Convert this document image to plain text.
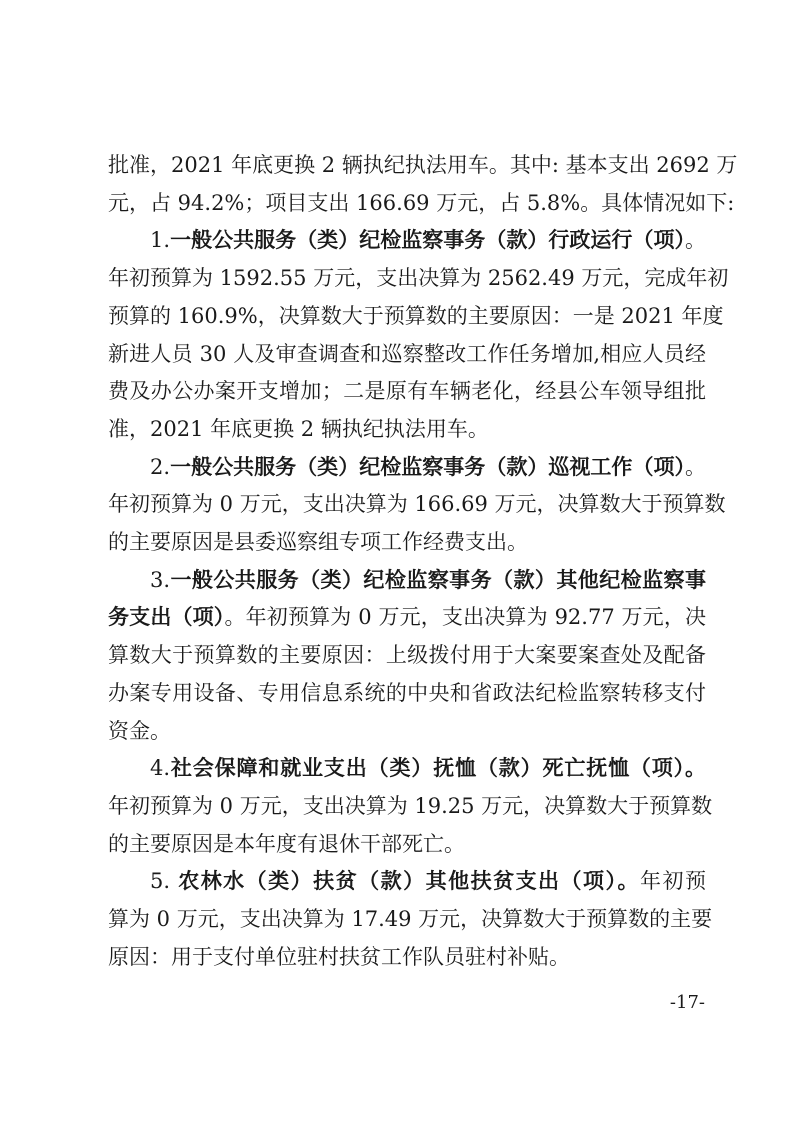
批准，2021 年底更换 2 辆执纪执法用车。其中: 基本支出 2692 万
元，占 94.2%；项目支出 166.69 万元，占 5.8%。具体情况如下:
1.一般公共服务（类）纪检监察事务（款）行政运行（项）。
年初预算为 1592.55 万元，支出决算为 2562.49 万元，完成年初
预算的 160.9%，决算数大于预算数的主要原因：一是 2021 年度
新进人员 30 人及审查调查和巡察整改工作任务增加,相应人员经
费及办公办案开支增加；二是原有车辆老化，经县公车领导组批
准，2021 年底更换 2 辆执纪执法用车。
2.一般公共服务（类）纪检监察事务（款）巡视工作（项）。
年初预算为 0 万元，支出决算为 166.69 万元，决算数大于预算数
的主要原因是县委巡察组专项工作经费支出。
3.一般公共服务（类）纪检监察事务（款）其他纪检监察事
务支出（项）。年初预算为 0 万元，支出决算为 92.77 万元，决
算数大于预算数的主要原因：上级拨付用于大案要案查处及配备
办案专用设备、专用信息系统的中央和省政法纪检监察转移支付
资金。
4.社会保障和就业支出（类）抚恤（款）死亡抚恤（项）。
年初预算为 0 万元，支出决算为 19.25 万元，决算数大于预算数
的主要原因是本年度有退休干部死亡。
5. 农林水（类）扶贫（款）其他扶贫支出（项）。年初预
算为 0 万元，支出决算为 17.49 万元，决算数大于预算数的主要
原因：用于支付单位驻村扶贫工作队员驻村补贴。
-17-
